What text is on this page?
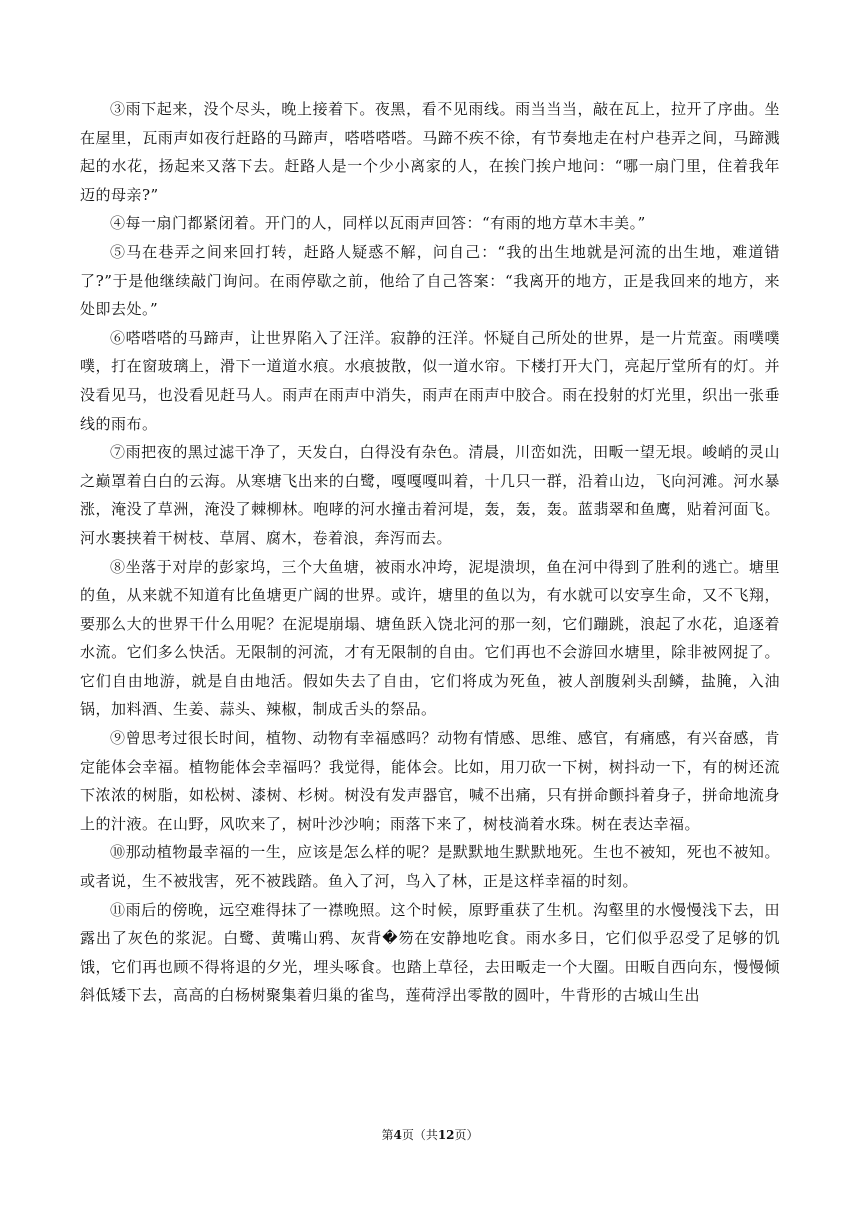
③雨下起来，没个尽头，晚上接着下。夜黑，看不见雨线。雨当当当，敲在瓦上，拉开了序曲。坐在屋里，瓦雨声如夜行赶路的马蹄声，嗒嗒嗒嗒。马蹄不疾不徐，有节奏地走在村户巷弄之间，马蹄溅起的水花，扬起来又落下去。赶路人是一个少小离家的人，在挨门挨户地问：“哪一扇门里，住着我年迈的母亲?”

④每一扇门都紧闭着。开门的人，同样以瓦雨声回答：“有雨的地方草木丰美。”

⑤马在巷弄之间来回打转，赶路人疑惑不解，问自己：“我的出生地就是河流的出生地，难道错了?”于是他继续敲门询问。在雨停歇之前，他给了自己答案：“我离开的地方，正是我回来的地方，来处即去处。”

⑥嗒嗒嗒的马蹄声，让世界陷入了汪洋。寂静的汪洋。怀疑自己所处的世界，是一片荒蛮。雨噗噗噗，打在窗玻璃上，滑下一道道水痕。水痕披散，似一道水帘。下楼打开大门，亮起厅堂所有的灯。并没看见马，也没看见赶马人。雨声在雨声中消失，雨声在雨声中胶合。雨在投射的灯光里，织出一张垂线的雨布。

⑦雨把夜的黑过滤干净了，天发白，白得没有杂色。清晨，川峦如洗，田畈一望无垠。峻峭的灵山之巅罩着白白的云海。从寒塘飞出来的白鹭，嘎嘎嘎叫着，十几只一群，沿着山边，飞向河滩。河水暴涨，淹没了草洲，淹没了棘柳林。咆哮的河水撞击着河堤，轰，轰，轰。蓝翡翠和鱼鹰，贴着河面飞。河水裹挟着干树枝、草屑、腐木，卷着浪，奔泻而去。

⑧坐落于对岸的彭家坞，三个大鱼塘，被雨水冲垮，泥堤溃坝，鱼在河中得到了胜利的逃亡。塘里的鱼，从来就不知道有比鱼塘更广阔的世界。或许，塘里的鱼以为，有水就可以安享生命，又不飞翔，要那么大的世界干什么用呢？在泥堤崩塌、塘鱼跃入饶北河的那一刻，它们蹦跳，浪起了水花，追逐着水流。它们多么快活。无限制的河流，才有无限制的自由。它们再也不会游回水塘里，除非被网捉了。它们自由地游，就是自由地活。假如失去了自由，它们将成为死鱼，被人剖腹剁头刮鳞，盐腌，入油锅，加料酒、生姜、蒜头、辣椒，制成舌头的祭品。

⑨曾思考过很长时间，植物、动物有幸福感吗？动物有情感、思维、感官，有痛感，有兴奋感，肯定能体会幸福。植物能体会幸福吗？我觉得，能体会。比如，用刀砍一下树，树抖动一下，有的树还流下浓浓的树脂，如松树、漆树、杉树。树没有发声器官，喊不出痛，只有拼命颤抖着身子，拼命地流身上的汁液。在山野，风吹来了，树叶沙沙响；雨落下来了，树枝淌着水珠。树在表达幸福。

⑩那动植物最幸福的一生，应该是怎么样的呢？是默默地生默默地死。生也不被知，死也不被知。或者说，生不被戕害，死不被践踏。鱼入了河，鸟入了林，正是这样幸福的时刻。

⑪雨后的傍晚，远空难得抹了一襟晚照。这个时候，原野重获了生机。沟壑里的水慢慢浅下去，田露出了灰色的浆泥。白鹭、黄嘴山鸦、灰背�笏在安静地吃食。雨水多日，它们似乎忍受了足够的饥饿，它们再也顾不得将退的夕光，埋头啄食。也踏上草径，去田畈走一个大圈。田畈自西向东，慢慢倾斜低矮下去，高高的白杨树聚集着归巢的雀鸟，莲荷浮出零散的圆叶，牛背形的古城山生出

第4页（共12页）
